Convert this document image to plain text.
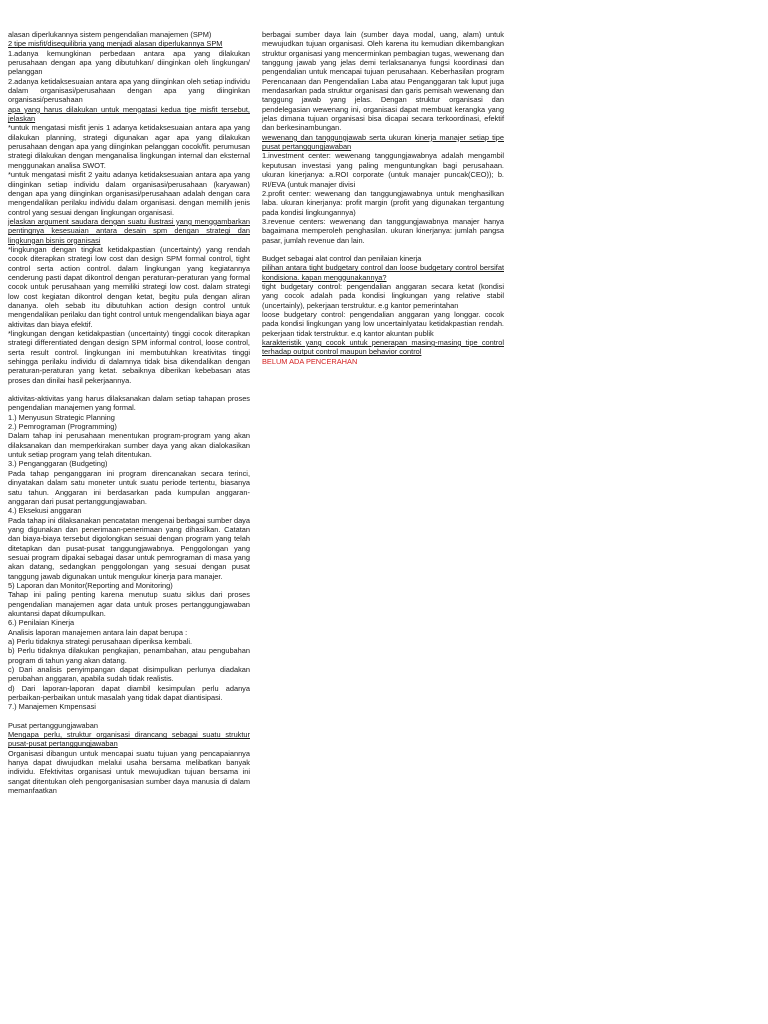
alasan diperlukannya sistem pengendalian manajemen (SPM)

2 tipe misfit/disequilibria yang menjadi alasan diperlukannya SPM

1.adanya kemungkinan perbedaan antara apa yang dilakukan perusahaan dengan apa yang dibutuhkan/ diinginkan oleh lingkungan/ pelanggan

2.adanya ketidaksesuaian antara apa yang diinginkan oleh setiap individu dalam organisasi/perusahaan dengan apa yang diinginkan organisasi/perusahaan

apa yang harus dilakukan untuk mengatasi kedua tipe misfit tersebut, jelaskan

*untuk mengatasi misfit jenis 1 adanya ketidaksesuaian antara apa yang dilakukan planning, strategi digunakan agar apa yang dilakukan perusahaan dengan apa yang diinginkan pelanggan cocok/fit. perumusan strategi dilakukan dengan menganalisa lingkungan internal dan eksternal menggunakan analisa SWOT.

*untuk mengatasi misfit 2 yaitu adanya ketidaksesuaian antara apa yang diinginkan setiap individu dalam organisasi/perusahaan (karyawan) dengan apa yang diinginkan organisasi/perusahaan adalah dengan cara mengendalikan perilaku individu dalam organisasi. dengan memilih jenis control yang sesuai dengan lingkungan organisasi.

jelaskan argument saudara dengan suatu ilustrasi yang menggambarkan pentingnya kesesuaian antara desain spm dengan strategi dan lingkungan bisnis organisasi

*lingkungan dengan tingkat ketidakpastian (uncertainty) yang rendah cocok diterapkan strategi low cost dan design SPM formal control, tight control serta action control. dalam lingkungan yang kegiatannya cenderung pasti dapat dikontrol dengan peraturan-peraturan yang formal cocok untuk perusahaan yang memiliki strategi low cost. dalam strategi low cost kegiatan dikontrol dengan ketat, begitu pula dengan aliran dananya. oleh sebab itu dibutuhkan action design control untuk mengendalikan perilaku dan tight control untuk mengendalikan biaya agar aktivitas dan biaya efektif.

*lingkungan dengan ketidakpastian (uncertainty) tinggi cocok diterapkan strategi differentiated dengan design SPM informal control, loose control, serta result control. lingkungan ini membutuhkan kreativitas tinggi sehingga perilaku individu di dalamnya tidak bisa dikendalikan dengan peraturan-peraturan yang ketat. sebaiknya diberikan kebebasan atas proses dan dinilai hasil pekerjaannya.

aktivitas-aktivitas yang harus dilaksanakan dalam setiap tahapan proses pengendalian manajemen yang formal.

1.) Menyusun Strategic Planning

2.) Pemrograman (Programming)

Dalam tahap ini perusahaan menentukan program-program yang akan dilaksanakan dan memperkirakan sumber daya yang akan dialokasikan untuk setiap program yang telah ditentukan.

3.) Penganggaran (Budgeting)

Pada tahap penganggaran ini program direncanakan secara terinci, dinyatakan dalam satu moneter untuk suatu periode tertentu, biasanya satu tahun. Anggaran ini berdasarkan pada kumpulan anggaran-anggaran dari pusat pertanggungjawaban.

4.) Eksekusi anggaran

Pada tahap ini dilaksanakan pencatatan mengenai berbagai sumber daya yang digunakan dan penerimaan-penerimaan yang dihasilkan. Catatan dan biaya-biaya tersebut digolongkan sesuai dengan program yang telah ditetapkan dan pusat-pusat tanggungjawabnya. Penggolongan yang sesuai program dipakai sebagai dasar untuk pemrograman di masa yang akan datang, sedangkan penggolongan yang sesuai dengan pusat tanggung jawab digunakan untuk mengukur kinerja para manajer.

5) Laporan dan Monitor(Reporting and Monitoring)

Tahap ini paling penting karena menutup suatu siklus dari proses pengendalian manajemen agar data untuk proses pertanggungjawaban akuntansi dapat dikumpulkan.

6.) Penilaian Kinerja

Analisis laporan manajemen antara lain dapat berupa :

a) Perlu tidaknya strategi perusahaan diperiksa kembali.

b) Perlu tidaknya dilakukan pengkajian, penambahan, atau pengubahan program di tahun yang akan datang.

c) Dari analisis penyimpangan dapat disimpulkan perlunya diadakan perubahan anggaran, apabila sudah tidak realistis.

d) Dari laporan-laporan dapat diambil kesimpulan perlu adanya perbaikan-perbaikan untuk masalah yang tidak dapat diantisipasi.

7.) Manajemen Kmpensasi

Pusat pertanggungjawaban

Mengapa perlu, struktur organisasi dirancang sebagai suatu struktur pusat-pusat pertanggungjawaban

Organisasi dibangun untuk mencapai suatu tujuan yang pencapaiannya hanya dapat diwujudkan melalui usaha bersama melibatkan banyak individu. Efektivitas organisasi untuk mewujudkan tujuan bersama ini sangat ditentukan oleh pengorganisasian sumber daya manusia di dalam memanfaatkan

berbagai sumber daya lain (sumber daya modal, uang, alam) untuk mewujudkan tujuan organisasi. Oleh karena itu kemudian dikembangkan struktur organisasi yang mencerminkan pembagian tugas, wewenang dan tanggung jawab yang jelas demi terlaksananya fungsi koordinasi dan pengendalian untuk mencapai tujuan perusahaan. Keberhasilan program Perencanaan dan Pengendalian Laba atau Penganggaran tak luput juga mendasarkan pada struktur organisasi dan garis pemisah wewenang dan tanggung jawab yang jelas. Dengan struktur organisasi dan pendelegasian wewenang ini, organisasi dapat membuat kerangka yang jelas dimana tujuan organisasi bisa dicapai secara terkoordinasi, efektif dan berkesinambungan.

wewenang dan tanggungjawab serta ukuran kinerja manajer setiap tipe pusat pertanggungjawaban

1.investment center: wewenang tanggungjawabnya adalah mengambil keputusan investasi yang paling menguntungkan bagi perusahaan. ukuran kinerjanya: a.ROI corporate (untuk manajer puncak(CEO)); b. RI/EVA (untuk manajer divisi

2.profit center: wewenang dan tanggungjawabnya untuk menghasilkan laba. ukuran kinerjanya: profit margin (profit yang digunakan tergantung pada kondisi lingkungannya)

3.revenue centers: wewenang dan tanggungjawabnya manajer hanya bagaimana memperoleh penghasilan. ukuran kinerjanya: jumlah pangsa pasar, jumlah revenue dan lain.

Budget sebagai alat control dan penilaian kinerja

pilihan antara tight budgetary control dan loose budgetary control bersifat kondisiona. kapan menggunakannya?

tight budgetary control: pengendalian anggaran secara ketat (kondisi yang cocok adalah pada kondisi lingkungan yang relative stabil (uncertainly), pekerjaan terstruktur. e.g kantor pemerintahan

loose budgetary control: pengendalian anggaran yang longgar. cocok pada kondisi lingkungan yang low uncertainlyatau ketidakpastian rendah. pekerjaan tidak terstruktur. e.q kantor akuntan publik

karakteristik yang cocok untuk penerapan masing-masing tipe control terhadap output control maupun behavior control

BELUM ADA PENCERAHAN
